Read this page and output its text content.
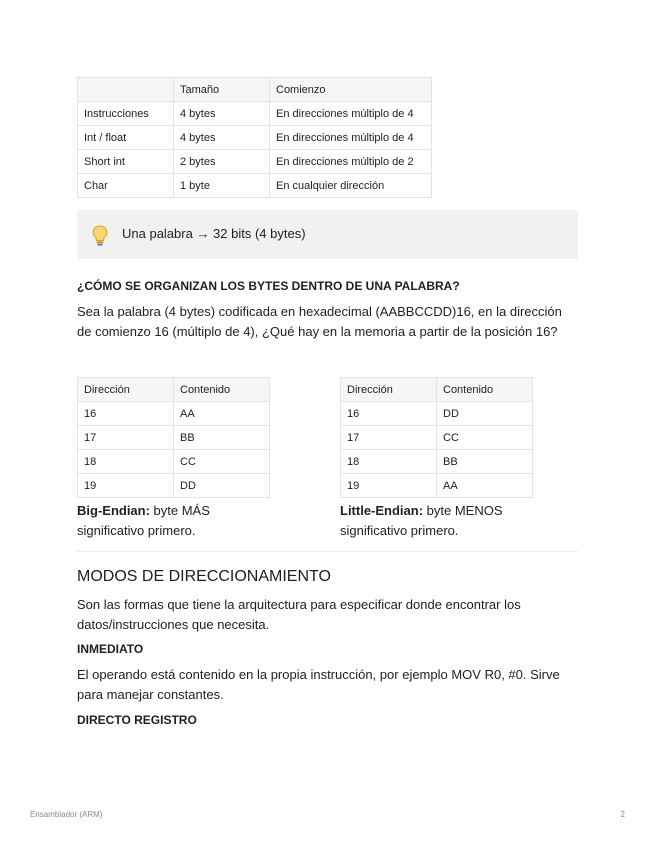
	Tamaño	Comienzo
Instrucciones	4 bytes	En direcciones múltiplo de 4
Int / float	4 bytes	En direcciones múltiplo de 4
Short int	2 bytes	En direcciones múltiplo de 2
Char	1 byte	En cualquier dirección
Una palabra → 32 bits (4 bytes)
¿CÓMO SE ORGANIZAN LOS BYTES DENTRO DE UNA PALABRA?
Sea la palabra (4 bytes) codificada en hexadecimal (AABBCCDD)16, en la dirección de comienzo 16 (múltiplo de 4), ¿Qué hay en la memoria a partir de la posición 16?
Dirección	Contenido
16	AA
17	BB
18	CC
19	DD
Dirección	Contenido
16	DD
17	CC
18	BB
19	AA
Big-Endian: byte MÁS significativo primero.
Little-Endian: byte MENOS significativo primero.
MODOS DE DIRECCIONAMIENTO
Son las formas que tiene la arquitectura para especificar donde encontrar los datos/instrucciones que necesita.
INMEDIATO
El operando está contenido en la propia instrucción, por ejemplo MOV R0, #0. Sirve para manejar constantes.
DIRECTO REGISTRO
Ensamblador (ARM)	2
